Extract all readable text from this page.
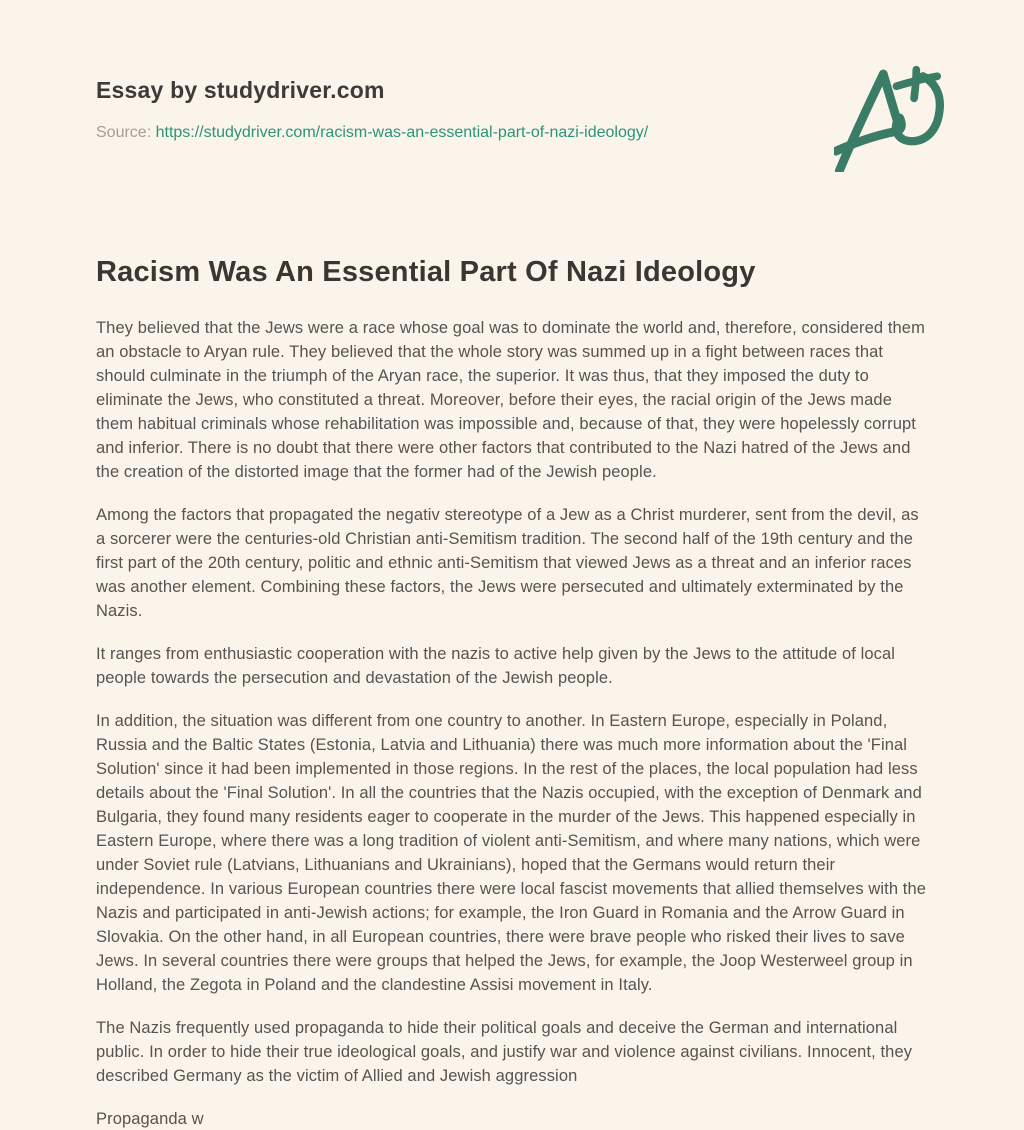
Essay by studydriver.com
Source: https://studydriver.com/racism-was-an-essential-part-of-nazi-ideology/
Racism Was An Essential Part Of Nazi Ideology

They believed that the Jews were a race whose goal was to dominate the world and, therefore, considered them an obstacle to Aryan rule. They believed that the whole story was summed up in a fight between races that should culminate in the triumph of the Aryan race, the superior. It was thus, that they imposed the duty to eliminate the Jews, who constituted a threat. Moreover, before their eyes, the racial origin of the Jews made them habitual criminals whose rehabilitation was impossible and, because of that, they were hopelessly corrupt and inferior. There is no doubt that there were other factors that contributed to the Nazi hatred of the Jews and the creation of the distorted image that the former had of the Jewish people.

Among the factors that propagated the negativ stereotype of a Jew as a Christ murderer, sent from the devil, as a sorcerer were the centuries-old Christian anti-Semitism tradition. The second half of the 19th century and the first part of the 20th century, politic and ethnic anti-Semitism that viewed Jews as a threat and an inferior races was another element. Combining these factors, the Jews were persecuted and ultimately exterminated by the Nazis.

It ranges from enthusiastic cooperation with the nazis to active help given by the Jews to the attitude of local people towards the persecution and devastation of the Jewish people.

In addition, the situation was different from one country to another. In Eastern Europe, especially in Poland, Russia and the Baltic States (Estonia, Latvia and Lithuania) there was much more information about the 'Final Solution' since it had been implemented in those regions. In the rest of the places, the local population had less details about the 'Final Solution'. In all the countries that the Nazis occupied, with the exception of Denmark and Bulgaria, they found many residents eager to cooperate in the murder of the Jews. This happened especially in Eastern Europe, where there was a long tradition of violent anti-Semitism, and where many nations, which were under Soviet rule (Latvians, Lithuanians and Ukrainians), hoped that the Germans would return their independence. In various European countries there were local fascist movements that allied themselves with the Nazis and participated in anti-Jewish actions; for example, the Iron Guard in Romania and the Arrow Guard in Slovakia. On the other hand, in all European countries, there were brave people who risked their lives to save Jews. In several countries there were groups that helped the Jews, for example, the Joop Westerweel group in Holland, the Zegota in Poland and the clandestine Assisi movement in Italy.

The Nazis frequently used propaganda to hide their political goals and deceive the German and international public. In order to hide their true ideological goals, and justify war and violence against civilians. Innocent, they described Germany as the victim of Allied and Jewish aggression

Propaganda w
